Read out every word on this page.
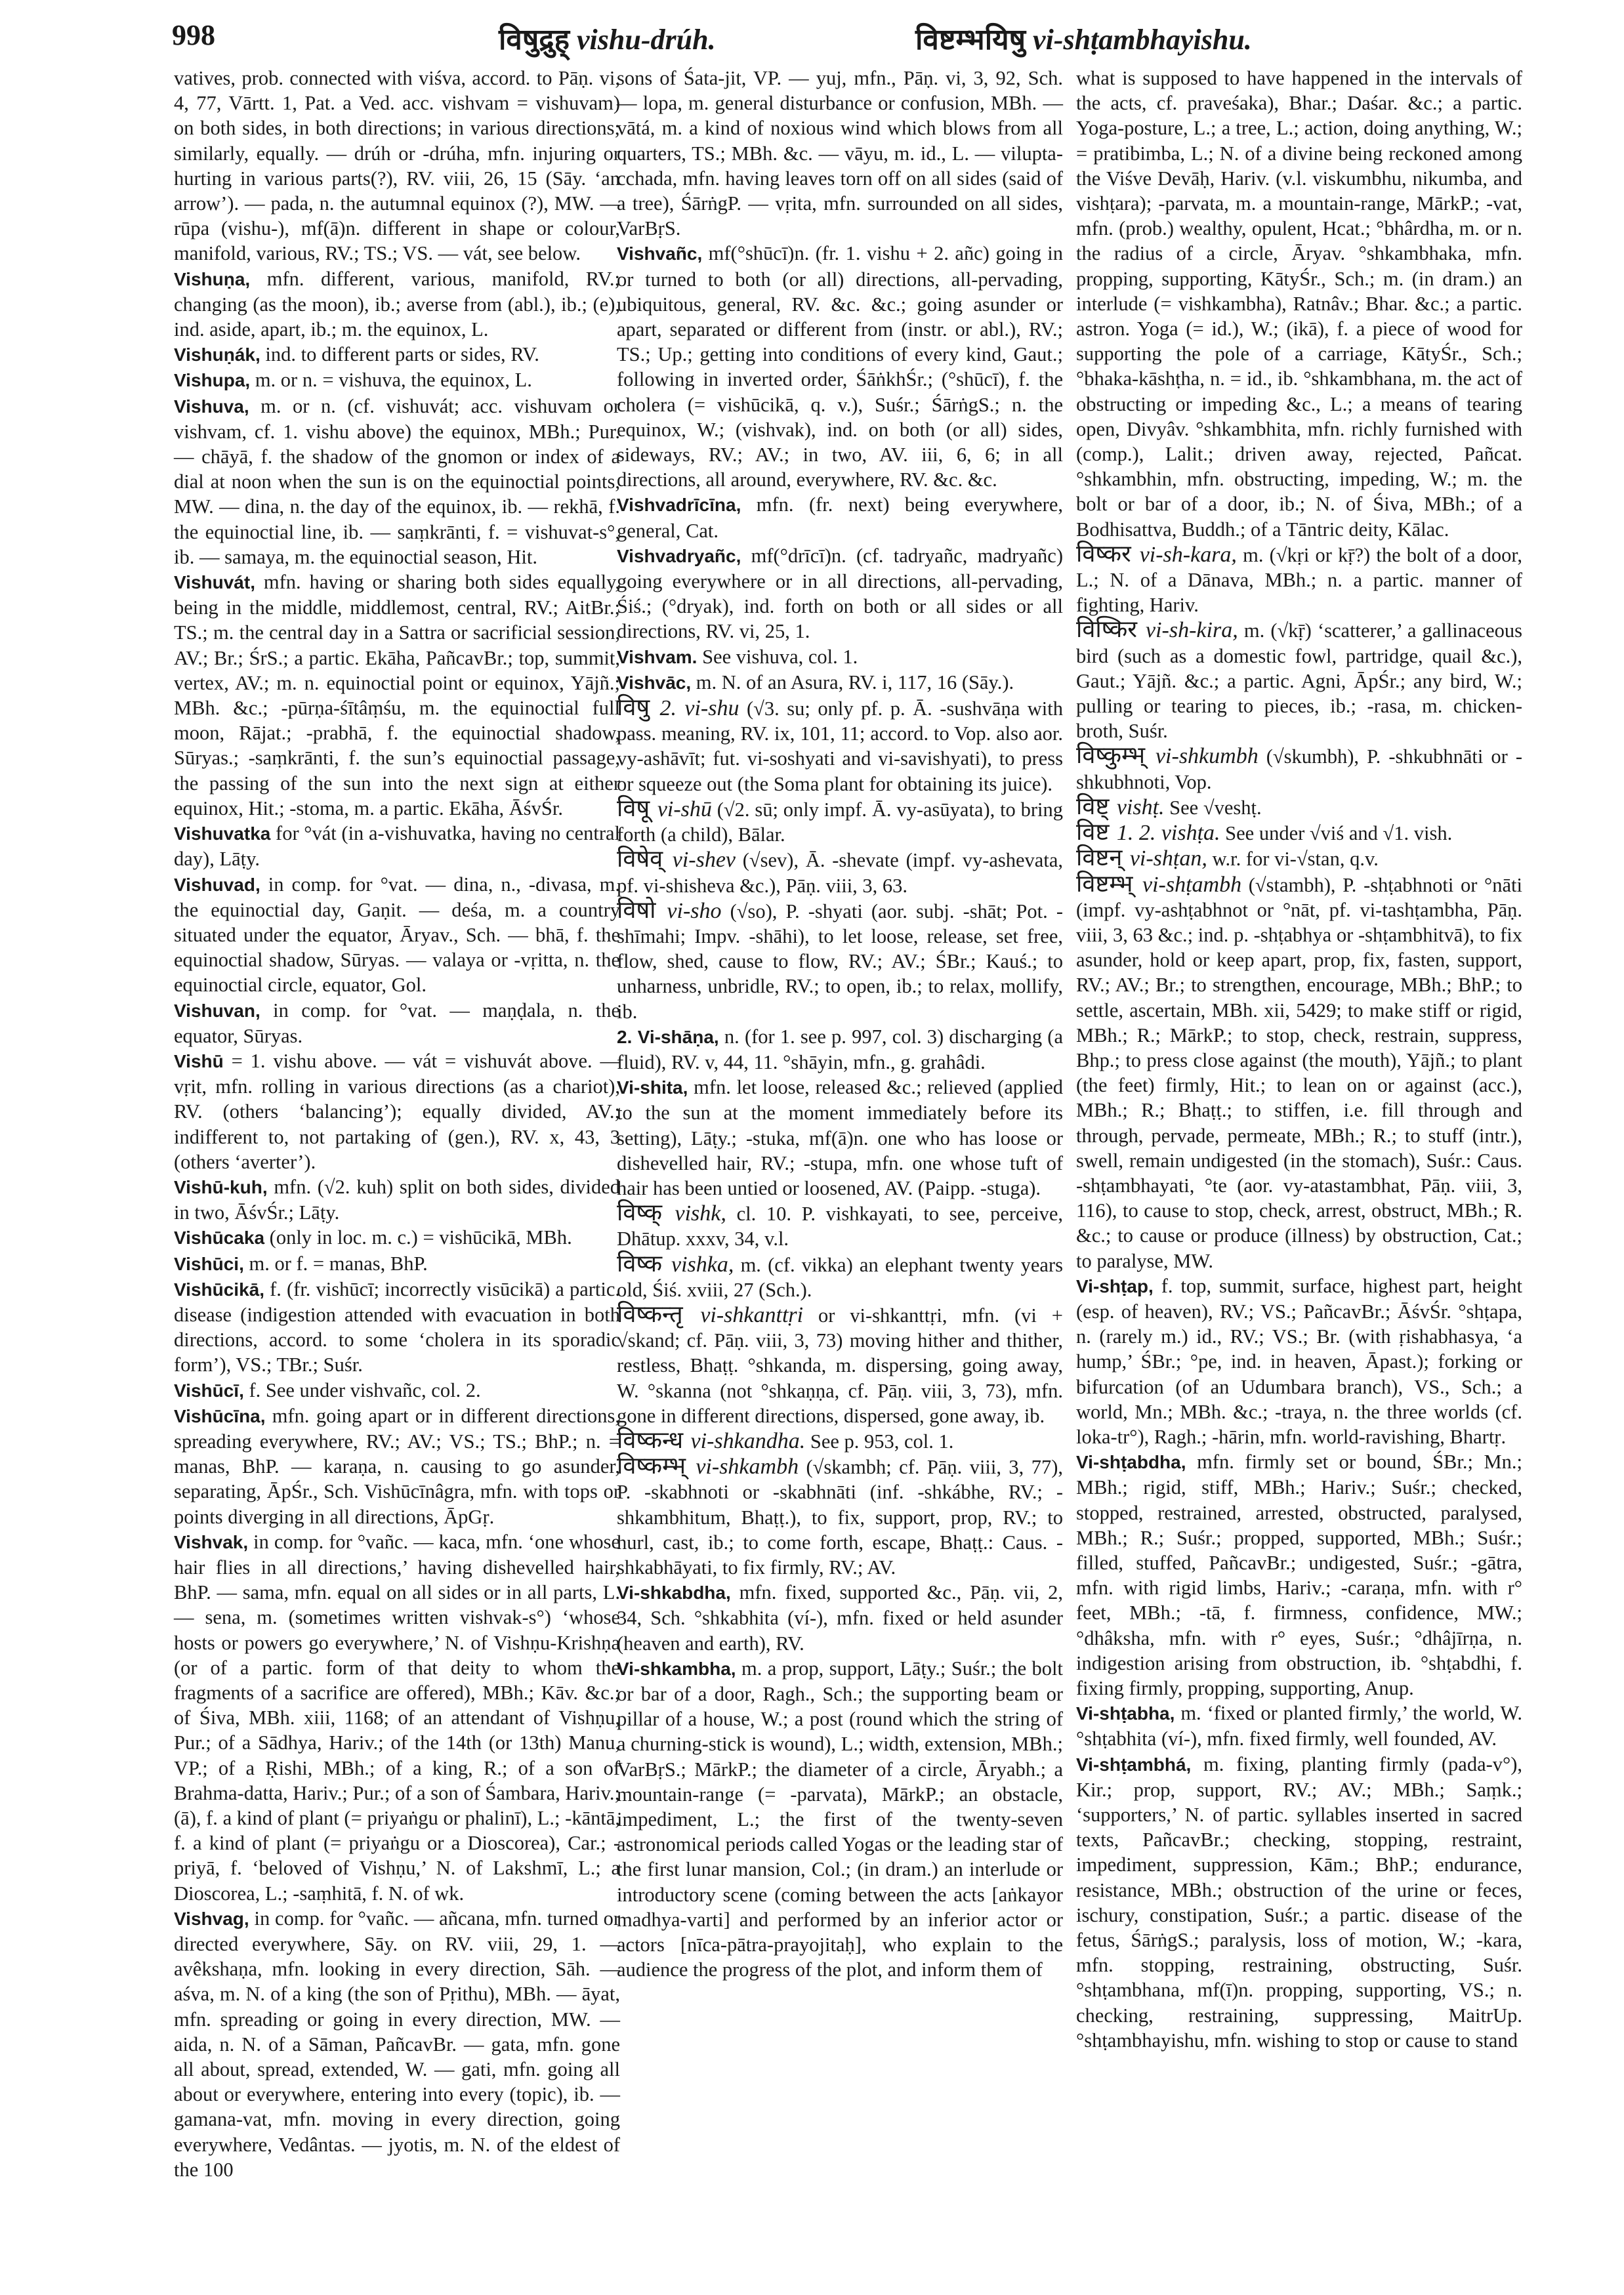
998	विषुद्रुह् vishu-drúh.	विष्टम्भयिषु vi-shṭambhayishu.

vatives, prob. connected with viśva, accord. to Pāṇ. vi, 4, 77, Vārtt. 1, Pat. a Ved. acc. vishvam = vishuvam) on both sides, in both directions; in various directions; similarly, equally. — drúh or -drúha, mfn. injuring or hurting in various parts(?), RV. viii, 26, 15 (Sāy. ‘an arrow’). — pada, n. the autumnal equinox (?), MW. — rūpa (vishu-), mf(ā)n. different in shape or colour, manifold, various, RV.; TS.; VS. — vát, see below.

Vishuṇa, mfn. different, various, manifold, RV.; changing (as the moon), ib.; averse from (abl.), ib.; (e), ind. aside, apart, ib.; m. the equinox, L.

Vishuṇák, ind. to different parts or sides, RV.

Vishupa, m. or n. = vishuva, the equinox, L.

Vishuva, m. or n. (cf. vishuvát; acc. vishuvam or vishvam, cf. 1. vishu above) the equinox, MBh.; Pur. — chāyā, f. the shadow of the gnomon or index of a dial at noon when the sun is on the equinoctial points, MW. — dina, n. the day of the equinox, ib. — rekhā, f. the equinoctial line, ib. — saṃkrānti, f. = vishuvat-s°, ib. — samaya, m. the equinoctial season, Hit.

Vishuvát, mfn. having or sharing both sides equally, being in the middle, middlemost, central, RV.; AitBr.; TS.; m. the central day in a Sattra or sacrificial session, AV.; Br.; ŚrS.; a partic. Ekāha, PañcavBr.; top, summit, vertex, AV.; m. n. equinoctial point or equinox, Yājñ.; MBh. &c.; -pūrṇa-śītâṃśu, m. the equinoctial full moon, Rājat.; -prabhā, f. the equinoctial shadow, Sūryas.; -saṃkrānti, f. the sun’s equinoctial passage, the passing of the sun into the next sign at either equinox, Hit.; -stoma, m. a partic. Ekāha, ĀśvŚr.

Vishuvatka for °vát (in a-vishuvatka, having no central day), Lāṭy.

Vishuvad, in comp. for °vat. — dina, n., -divasa, m. the equinoctial day, Gaṇit. — deśa, m. a country situated under the equator, Āryav., Sch. — bhā, f. the equinoctial shadow, Sūryas. — valaya or -vṛitta, n. the equinoctial circle, equator, Gol.

Vishuvan, in comp. for °vat. — maṇḍala, n. the equator, Sūryas.

Vishū = 1. vishu above. — vát = vishuvát above. — vṛit, mfn. rolling in various directions (as a chariot), RV. (others ‘balancing’); equally divided, AV.; indifferent to, not partaking of (gen.), RV. x, 43, 3 (others ‘averter’).

Vishū-kuh, mfn. (√2. kuh) split on both sides, divided in two, ĀśvŚr.; Lāṭy.

Vishūcaka (only in loc. m. c.) = vishūcikā, MBh.

Vishūci, m. or f. = manas, BhP.

Vishūcikā, f. (fr. vishūcī; incorrectly visūcikā) a partic. disease (indigestion attended with evacuation in both directions, accord. to some ‘cholera in its sporadic form’), VS.; TBr.; Suśr.

Vishūcī, f. See under vishvañc, col. 2.

Vishūcīna, mfn. going apart or in different directions, spreading everywhere, RV.; AV.; VS.; TS.; BhP.; n. = manas, BhP. — karaṇa, n. causing to go asunder, separating, ĀpŚr., Sch. Vishūcīnâgra, mfn. with tops or points diverging in all directions, ĀpGṛ.

Vishvak, in comp. for °vañc. — kaca, mfn. ‘one whose hair flies in all directions,’ having dishevelled hair, BhP. — sama, mfn. equal on all sides or in all parts, L. — sena, m. (sometimes written vishvak-s°) ‘whose hosts or powers go everywhere,’ N. of Vishṇu-Krishṇa (or of a partic. form of that deity to whom the fragments of a sacrifice are offered), MBh.; Kāv. &c.; of Śiva, MBh. xiii, 1168; of an attendant of Vishṇu, Pur.; of a Sādhya, Hariv.; of the 14th (or 13th) Manu, VP.; of a Ṛishi, MBh.; of a king, R.; of a son of Brahma-datta, Hariv.; Pur.; of a son of Śambara, Hariv.; (ā), f. a kind of plant (= priyaṅgu or phalinī), L.; -kāntā, f. a kind of plant (= priyaṅgu or a Dioscorea), Car.; -priyā, f. ‘beloved of Vishṇu,’ N. of Lakshmī, L.; a Dioscorea, L.; -saṃhitā, f. N. of wk.

Vishvag, in comp. for °vañc. — añcana, mfn. turned or directed everywhere, Sāy. on RV. viii, 29, 1. — avêkshaṇa, mfn. looking in every direction, Sāh. — aśva, m. N. of a king (the son of Pṛithu), MBh. — āyat, mfn. spreading or going in every direction, MW. — aida, n. N. of a Sāman, PañcavBr. — gata, mfn. gone all about, spread, extended, W. — gati, mfn. going all about or everywhere, entering into every (topic), ib. — gamana-vat, mfn. moving in every direction, going everywhere, Vedântas. — jyotis, m. N. of the eldest of the 100

sons of Śata-jit, VP. — yuj, mfn., Pāṇ. vi, 3, 92, Sch. — lopa, m. general disturbance or confusion, MBh. — vātá, m. a kind of noxious wind which blows from all quarters, TS.; MBh. &c. — vāyu, m. id., L. — vilupta-cchada, mfn. having leaves torn off on all sides (said of a tree), ŚārṅgP. — vṛita, mfn. surrounded on all sides, VarBṛS.

Vishvañc, mf(°shūcī)n. (fr. 1. vishu + 2. añc) going in or turned to both (or all) directions, all-pervading, ubiquitous, general, RV. &c. &c.; going asunder or apart, separated or different from (instr. or abl.), RV.; TS.; Up.; getting into conditions of every kind, Gaut.; following in inverted order, ŚāṅkhŚr.; (°shūcī), f. the cholera (= vishūcikā, q. v.), Suśr.; ŚārṅgS.; n. the equinox, W.; (vishvak), ind. on both (or all) sides, sideways, RV.; AV.; in two, AV. iii, 6, 6; in all directions, all around, everywhere, RV. &c. &c.

Vishvadrīcīna, mfn. (fr. next) being everywhere, general, Cat.

Vishvadryañc, mf(°drīcī)n. (cf. tadryañc, madryañc) going everywhere or in all directions, all-pervading, Śiś.; (°dryak), ind. forth on both or all sides or all directions, RV. vi, 25, 1.

Vishvam. See vishuva, col. 1.

Vishvāc, m. N. of an Asura, RV. i, 117, 16 (Sāy.).

विषु 2. vi-shu (√3. su; only pf. p. Ā. -sushvāṇa with pass. meaning, RV. ix, 101, 11; accord. to Vop. also aor. vy-ashāvīt; fut. vi-soshyati and vi-savishyati), to press or squeeze out (the Soma plant for obtaining its juice).

विषू vi-shū (√2. sū; only impf. Ā. vy-asūyata), to bring forth (a child), Bālar.

विषेव् vi-shev (√sev), Ā. -shevate (impf. vy-ashevata, pf. vi-shisheva &c.), Pāṇ. viii, 3, 63.

विषो vi-sho (√so), P. -shyati (aor. subj. -shāt; Pot. -shīmahi; Impv. -shāhi), to let loose, release, set free, flow, shed, cause to flow, RV.; AV.; ŚBr.; Kauś.; to unharness, unbridle, RV.; to open, ib.; to relax, mollify, ib.

2. Vi-shāṇa, n. (for 1. see p. 997, col. 3) discharging (a fluid), RV. v, 44, 11. °shāyin, mfn., g. grahâdi.

Vi-shita, mfn. let loose, released &c.; relieved (applied to the sun at the moment immediately before its setting), Lāṭy.; -stuka, mf(ā)n. one who has loose or dishevelled hair, RV.; -stupa, mfn. one whose tuft of hair has been untied or loosened, AV. (Paipp. -stuga).

विष्क् vishk, cl. 10. P. vishkayati, to see, perceive, Dhātup. xxxv, 34, v.l.

विष्क vishka, m. (cf. vikka) an elephant twenty years old, Śiś. xviii, 27 (Sch.).

विष्कन्तृ vi-shkanttṛi or vi-shkanttṛi, mfn. (vi + √skand; cf. Pāṇ. viii, 3, 73) moving hither and thither, restless, Bhaṭṭ. °shkanda, m. dispersing, going away, W. °skanna (not °shkaṇṇa, cf. Pāṇ. viii, 3, 73), mfn. gone in different directions, dispersed, gone away, ib.

विष्कन्ध vi-shkandha. See p. 953, col. 1.

विष्कम्भ् vi-shkambh (√skambh; cf. Pāṇ. viii, 3, 77), P. -skabhnoti or -skabhnāti (inf. -shkábhe, RV.; -shkambhitum, Bhaṭṭ.), to fix, support, prop, RV.; to hurl, cast, ib.; to come forth, escape, Bhaṭṭ.: Caus. -shkabhāyati, to fix firmly, RV.; AV.

Vi-shkabdha, mfn. fixed, supported &c., Pāṇ. vii, 2, 34, Sch. °shkabhita (ví-), mfn. fixed or held asunder (heaven and earth), RV.

Vi-shkambha, m. a prop, support, Lāṭy.; Suśr.; the bolt or bar of a door, Ragh., Sch.; the supporting beam or pillar of a house, W.; a post (round which the string of a churning-stick is wound), L.; width, extension, MBh.; VarBṛS.; MārkP.; the diameter of a circle, Āryabh.; a mountain-range (= -parvata), MārkP.; an obstacle, impediment, L.; the first of the twenty-seven astronomical periods called Yogas or the leading star of the first lunar mansion, Col.; (in dram.) an interlude or introductory scene (coming between the acts [aṅkayor madhya-varti] and performed by an inferior actor or actors [nīca-pātra-prayojitaḥ], who explain to the audience the progress of the plot, and inform them of

what is supposed to have happened in the intervals of the acts, cf. praveśaka), Bhar.; Daśar. &c.; a partic. Yoga-posture, L.; a tree, L.; action, doing anything, W.; = pratibimba, L.; N. of a divine being reckoned among the Viśve Devāḥ, Hariv. (v.l. viskumbhu, nikumba, and vishṭara); -parvata, m. a mountain-range, MārkP.; -vat, mfn. (prob.) wealthy, opulent, Hcat.; °bhârdha, m. or n. the radius of a circle, Āryav. °shkambhaka, mfn. propping, supporting, KātyŚr., Sch.; m. (in dram.) an interlude (= vishkambha), Ratnâv.; Bhar. &c.; a partic. astron. Yoga (= id.), W.; (ikā), f. a piece of wood for supporting the pole of a carriage, KātyŚr., Sch.; °bhaka-kāshṭha, n. = id., ib. °shkambhana, m. the act of obstructing or impeding &c., L.; a means of tearing open, Divyâv. °shkambhita, mfn. richly furnished with (comp.), Lalit.; driven away, rejected, Pañcat. °shkambhin, mfn. obstructing, impeding, W.; m. the bolt or bar of a door, ib.; N. of Śiva, MBh.; of a Bodhisattva, Buddh.; of a Tāntric deity, Kālac.

विष्कर vi-sh-kara, m. (√kṛi or kṝ?) the bolt of a door, L.; N. of a Dānava, MBh.; n. a partic. manner of fighting, Hariv.

विष्किर vi-sh-kira, m. (√kṝ) ‘scatterer,’ a gallinaceous bird (such as a domestic fowl, partridge, quail &c.), Gaut.; Yājñ. &c.; a partic. Agni, ĀpŚr.; any bird, W.; pulling or tearing to pieces, ib.; -rasa, m. chicken-broth, Suśr.

विष्कुम्भ् vi-shkumbh (√skumbh), P. -shkubhnāti or -shkubhnoti, Vop.

विष्ट् vishṭ. See √veshṭ.

विष्ट 1. 2. vishṭa. See under √viś and √1. vish.

विष्टन् vi-shṭan, w.r. for vi-√stan, q.v.

विष्टम्भ् vi-shṭambh (√stambh), P. -shṭabhnoti or °nāti (impf. vy-ashṭabhnot or °nāt, pf. vi-tashṭambha, Pāṇ. viii, 3, 63 &c.; ind. p. -shṭabhya or -shṭambhitvā), to fix asunder, hold or keep apart, prop, fix, fasten, support, RV.; AV.; Br.; to strengthen, encourage, MBh.; BhP.; to settle, ascertain, MBh. xii, 5429; to make stiff or rigid, MBh.; R.; MārkP.; to stop, check, restrain, suppress, Bhp.; to press close against (the mouth), Yājñ.; to plant (the feet) firmly, Hit.; to lean on or against (acc.), MBh.; R.; Bhaṭṭ.; to stiffen, i.e. fill through and through, pervade, permeate, MBh.; R.; to stuff (intr.), swell, remain undigested (in the stomach), Suśr.: Caus. -shṭambhayati, °te (aor. vy-atastambhat, Pāṇ. viii, 3, 116), to cause to stop, check, arrest, obstruct, MBh.; R. &c.; to cause or produce (illness) by obstruction, Cat.; to paralyse, MW.

Vi-shṭap, f. top, summit, surface, highest part, height (esp. of heaven), RV.; VS.; PañcavBr.; ĀśvŚr. °shṭapa, n. (rarely m.) id., RV.; VS.; Br. (with ṛishabhasya, ‘a hump,’ ŚBr.; °pe, ind. in heaven, Āpast.); forking or bifurcation (of an Udumbara branch), VS., Sch.; a world, Mn.; MBh. &c.; -traya, n. the three worlds (cf. loka-tr°), Ragh.; -hārin, mfn. world-ravishing, Bhartṛ.

Vi-shṭabdha, mfn. firmly set or bound, ŚBr.; Mn.; MBh.; rigid, stiff, MBh.; Hariv.; Suśr.; checked, stopped, restrained, arrested, obstructed, paralysed, MBh.; R.; Suśr.; propped, supported, MBh.; Suśr.; filled, stuffed, PañcavBr.; undigested, Suśr.; -gātra, mfn. with rigid limbs, Hariv.; -caraṇa, mfn. with r° feet, MBh.; -tā, f. firmness, confidence, MW.; °dhâksha, mfn. with r° eyes, Suśr.; °dhâjīrṇa, n. indigestion arising from obstruction, ib. °shṭabdhi, f. fixing firmly, propping, supporting, Anup.

Vi-shṭabha, m. ‘fixed or planted firmly,’ the world, W. °shṭabhita (ví-), mfn. fixed firmly, well founded, AV.

Vi-shṭambhá, m. fixing, planting firmly (pada-v°), Kir.; prop, support, RV.; AV.; MBh.; Saṃk.; ‘supporters,’ N. of partic. syllables inserted in sacred texts, PañcavBr.; checking, stopping, restraint, impediment, suppression, Kām.; BhP.; endurance, resistance, MBh.; obstruction of the urine or feces, ischury, constipation, Suśr.; a partic. disease of the fetus, ŚārṅgS.; paralysis, loss of motion, W.; -kara, mfn. stopping, restraining, obstructing, Suśr. °shṭambhana, mf(ī)n. propping, supporting, VS.; n. checking, restraining, suppressing, MaitrUp. °shṭambhayishu, mfn. wishing to stop or cause to stand
